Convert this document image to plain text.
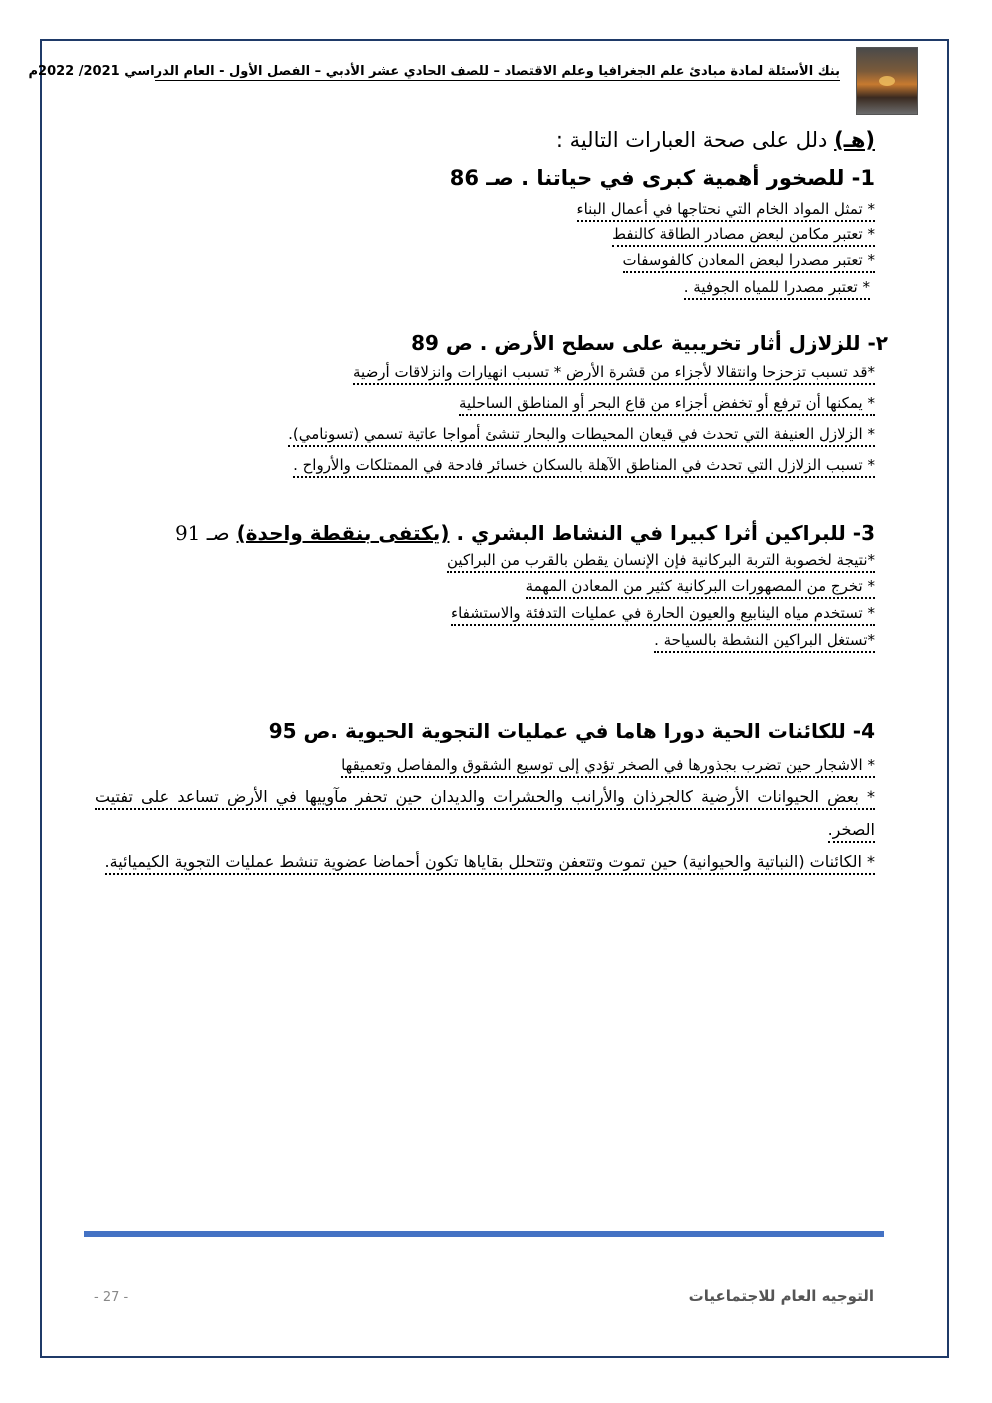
بنك الأسئلة لمادة مبادئ علم الجغرافيا وعلم الاقتصاد – للصف الحادي عشر الأدبي – الفصل الأول - العام الدراسي 2021/ 2022م
(هـ) دلل على صحة العبارات التالية :
1- للصخور أهمية كبرى في حياتنا . صـ 86
* تمثل المواد الخام التي نحتاجها في أعمال البناء
* تعتبر مكامن لبعض مصادر الطاقة كالنفط
* تعتبر مصدرا لبعض المعادن كالفوسفات
* تعتبر مصدرا للمياه الجوفية .
٢- للزلازل أثار تخريبية على سطح الأرض . ص 89
*قد تسبب تزحزحا وانتقالا لأجزاء من قشرة الأرض * تسبب انهيارات وانزلاقات أرضية
* يمكنها أن ترفع أو تخفض أجزاء من قاع البحر أو المناطق الساحلية
* الزلازل العنيفة التي تحدث في قيعان المحيطات والبحار تنشئ أمواجا عاتية تسمي (تسونامي).
* تسبب الزلازل التي تحدث في المناطق الآهلة بالسكان خسائر فادحة في الممتلكات والأرواح .
3- للبراكين أثرا كبيرا في النشاط البشري . (يكتفى بنقطة واحدة) صـ 91
*نتيجة لخصوبة التربة البركانية فإن الإنسان يقطن بالقرب من البراكين
* تخرج من المصهورات البركانية كثير من المعادن المهمة
* تستخدم مياه الينابيع والعيون الحارة في عمليات التدفئة والاستشفاء
*تستغل البراكين النشطة بالسياحة .
4- للكائنات الحية دورا هاما في عمليات التجوية الحيوية .ص 95
* الاشجار حين تضرب بجذورها في الصخر تؤدي إلى توسيع الشقوق والمفاصل وتعميقها
* بعض الحيوانات الأرضية كالجرذان والأرانب والحشرات والديدان حين تحفر مآوييها في الأرض تساعد على تفتيت الصخر.
* الكائنات (النباتية والحيوانية) حين تموت وتتعفن وتتحلل بقاياها تكون أحماضا عضوية تنشط عمليات التجوية الكيميائية.
- 27 -	التوجيه العام للاجتماعيات
